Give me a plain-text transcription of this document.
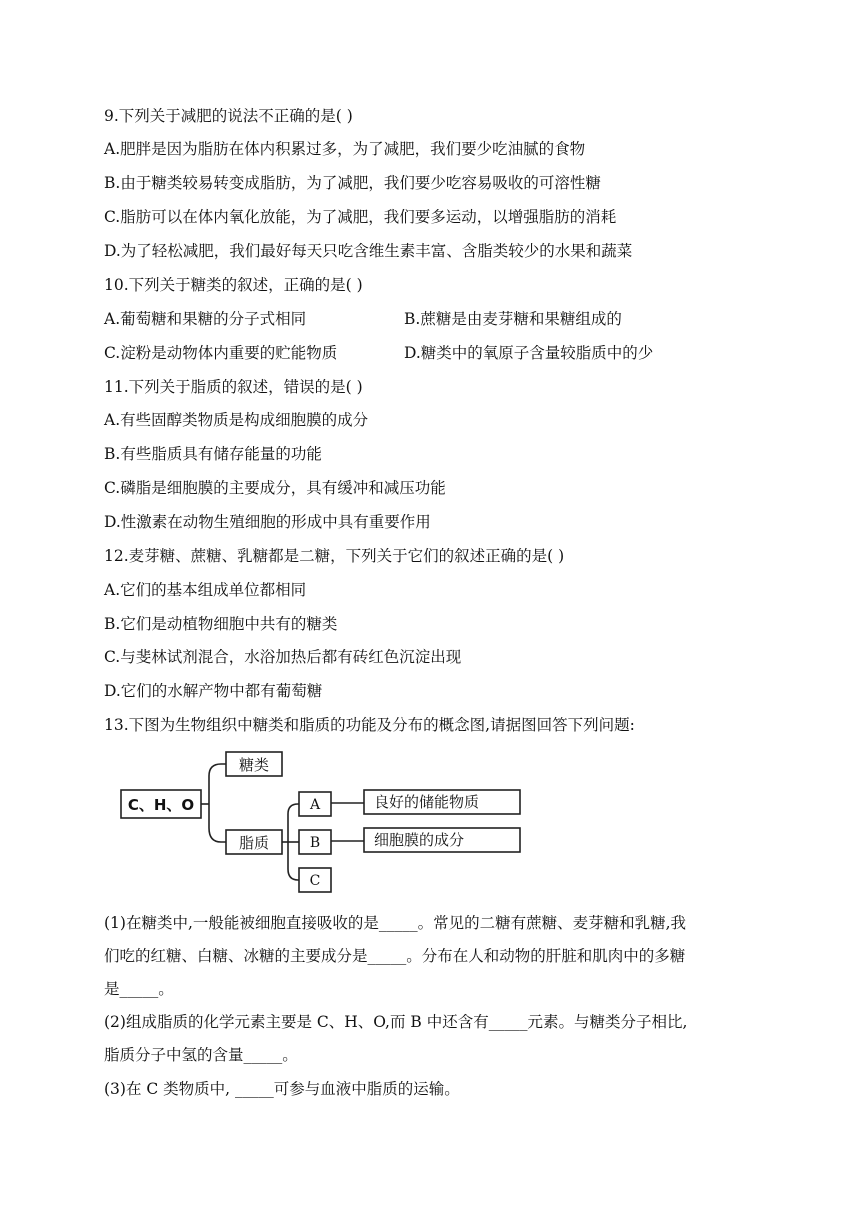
9.下列关于减肥的说法不正确的是( )
A.肥胖是因为脂肪在体内积累过多，为了减肥，我们要少吃油腻的食物
B.由于糖类较易转变成脂肪，为了减肥，我们要少吃容易吸收的可溶性糖
C.脂肪可以在体内氧化放能，为了减肥，我们要多运动，以增强脂肪的消耗
D.为了轻松减肥，我们最好每天只吃含维生素丰富、含脂类较少的水果和蔬菜
10.下列关于糖类的叙述，正确的是( )
A.葡萄糖和果糖的分子式相同	B.蔗糖是由麦芽糖和果糖组成的
C.淀粉是动物体内重要的贮能物质	D.糖类中的氧原子含量较脂质中的少
11.下列关于脂质的叙述，错误的是( )
A.有些固醇类物质是构成细胞膜的成分
B.有些脂质具有储存能量的功能
C.磷脂是细胞膜的主要成分，具有缓冲和减压功能
D.性激素在动物生殖细胞的形成中具有重要作用
12.麦芽糖、蔗糖、乳糖都是二糖，下列关于它们的叙述正确的是( )
A.它们的基本组成单位都相同
B.它们是动植物细胞中共有的糖类
C.与斐林试剂混合，水浴加热后都有砖红色沉淀出现
D.它们的水解产物中都有葡萄糖
13.下图为生物组织中糖类和脂质的功能及分布的概念图,请据图回答下列问题:
C、H、O
糖类
脂质
A
B
C
良好的储能物质
细胞膜的成分
(1)在糖类中,一般能被细胞直接吸收的是_____。常见的二糖有蔗糖、麦芽糖和乳糖,我
们吃的红糖、白糖、冰糖的主要成分是_____。分布在人和动物的肝脏和肌肉中的多糖
是_____。
(2)组成脂质的化学元素主要是 C、H、O,而 B 中还含有_____元素。与糖类分子相比,
脂质分子中氢的含量_____。
(3)在 C 类物质中, _____可参与血液中脂质的运输。
